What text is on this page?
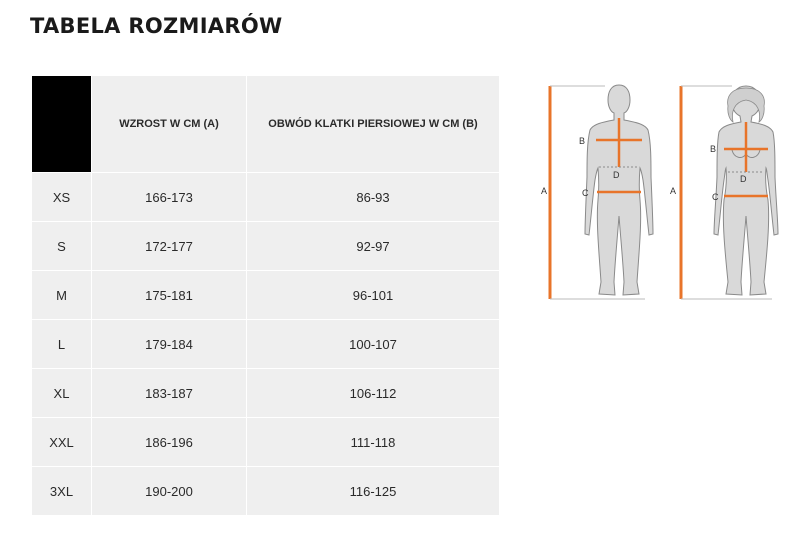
TABELA ROZMIARÓW
	WZROST W CM (A)	OBWÓD KLATKI PIERSIOWEJ W CM (B)
XS	166-173	86-93
S	172-177	92-97
M	175-181	96-101
L	179-184	100-107
XL	183-187	106-112
XXL	186-196	111-118
3XL	190-200	116-125
A
B
C
D
A
B
C
D
